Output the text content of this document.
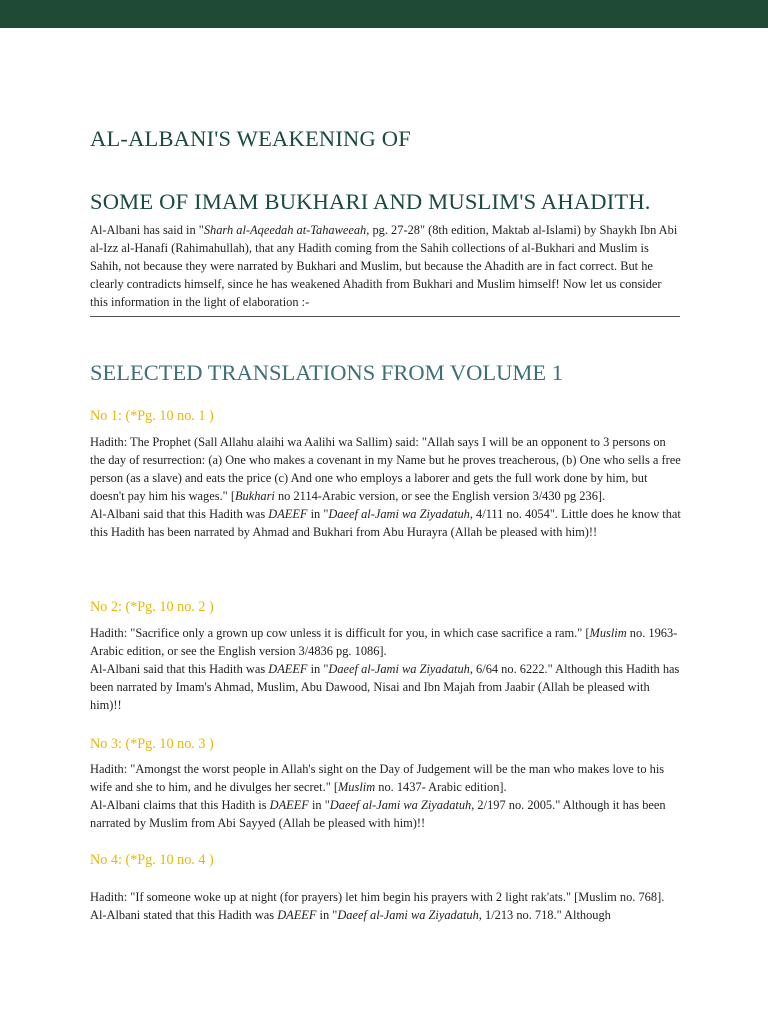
AL-ALBANI'S WEAKENING OF
SOME OF IMAM BUKHARI AND MUSLIM'S AHADITH.

Al-Albani has said in "Sharh al-Aqeedah at-Tahaweeah, pg. 27-28" (8th edition, Maktab al-Islami) by Shaykh Ibn Abi al-Izz al-Hanafi (Rahimahullah), that any Hadith coming from the Sahih collections of al-Bukhari and Muslim is Sahih, not because they were narrated by Bukhari and Muslim, but because the Ahadith are in fact correct. But he clearly contradicts himself, since he has weakened Ahadith from Bukhari and Muslim himself! Now let us consider this information in the light of elaboration :-

SELECTED TRANSLATIONS FROM VOLUME 1
No 1: (*Pg. 10 no. 1 )

Hadith: The Prophet (Sall Allahu alaihi wa Aalihi wa Sallim) said: "Allah says I will be an opponent to 3 persons on the day of resurrection: (a) One who makes a covenant in my Name but he proves treacherous, (b) One who sells a free person (as a slave) and eats the price (c) And one who employs a laborer and gets the full work done by him, but doesn't pay him his wages." [Bukhari no 2114-Arabic version, or see the English version 3/430 pg 236].
Al-Albani said that this Hadith was DAEEF in "Daeef al-Jami wa Ziyadatuh, 4/111 no. 4054". Little does he know that this Hadith has been narrated by Ahmad and Bukhari from Abu Hurayra (Allah be pleased with him)!!

No 2: (*Pg. 10 no. 2 )

Hadith: "Sacrifice only a grown up cow unless it is difficult for you, in which case sacrifice a ram." [Muslim no. 1963-Arabic edition, or see the English version 3/4836 pg. 1086].
Al-Albani said that this Hadith was DAEEF in "Daeef al-Jami wa Ziyadatuh, 6/64 no. 6222." Although this Hadith has been narrated by Imam's Ahmad, Muslim, Abu Dawood, Nisai and Ibn Majah from Jaabir (Allah be pleased with him)!!

No 3: (*Pg. 10 no. 3 )

Hadith: "Amongst the worst people in Allah's sight on the Day of Judgement will be the man who makes love to his wife and she to him, and he divulges her secret." [Muslim no. 1437- Arabic edition].
Al-Albani claims that this Hadith is DAEEF in "Daeef al-Jami wa Ziyadatuh, 2/197 no. 2005." Although it has been narrated by Muslim from Abi Sayyed (Allah be pleased with him)!!

No 4: (*Pg. 10 no. 4 )

Hadith: "If someone woke up at night (for prayers) let him begin his prayers with 2 light rak'ats." [Muslim no. 768]. Al-Albani stated that this Hadith was DAEEF in "Daeef al-Jami wa Ziyadatuh, 1/213 no. 718." Although
